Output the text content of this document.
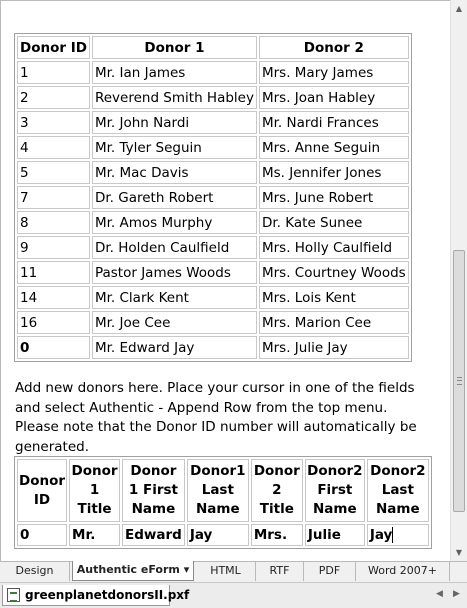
Donor ID	Donor 1	Donor 2
1	Mr. Ian James	Mrs. Mary James
2	Reverend Smith Habley	Mrs. Joan Habley
3	Mr. John Nardi	Mr. Nardi Frances
4	Mr. Tyler Seguin	Mrs. Anne Seguin
5	Mr. Mac Davis	Ms. Jennifer Jones
7	Dr. Gareth Robert	Mrs. June Robert
8	Mr. Amos Murphy	Dr. Kate Sunee
9	Dr. Holden Caulfield	Mrs. Holly Caulfield
11	Pastor James Woods	Mrs. Courtney Woods
14	Mr. Clark Kent	Mrs. Lois Kent
16	Mr. Joe Cee	Mrs. Marion Cee
0	Mr. Edward Jay	Mrs. Julie Jay
Add new donors here. Place your cursor in one of the fields and select Authentic - Append Row from the top menu. Please note that the Donor ID number will automatically be generated.
Donor ID	Donor 1 Title	Donor 1 First Name	Donor1 Last Name	Donor 2 Title	Donor2 First Name	Donor2 Last Name
0	Mr.	Edward	Jay	Mrs.	Julie	Jay
▲
▼
Design	Authentic eForm ▾	HTML	RTF	PDF	Word 2007+
greenplanetdonorsII.pxf	◀ ▶
